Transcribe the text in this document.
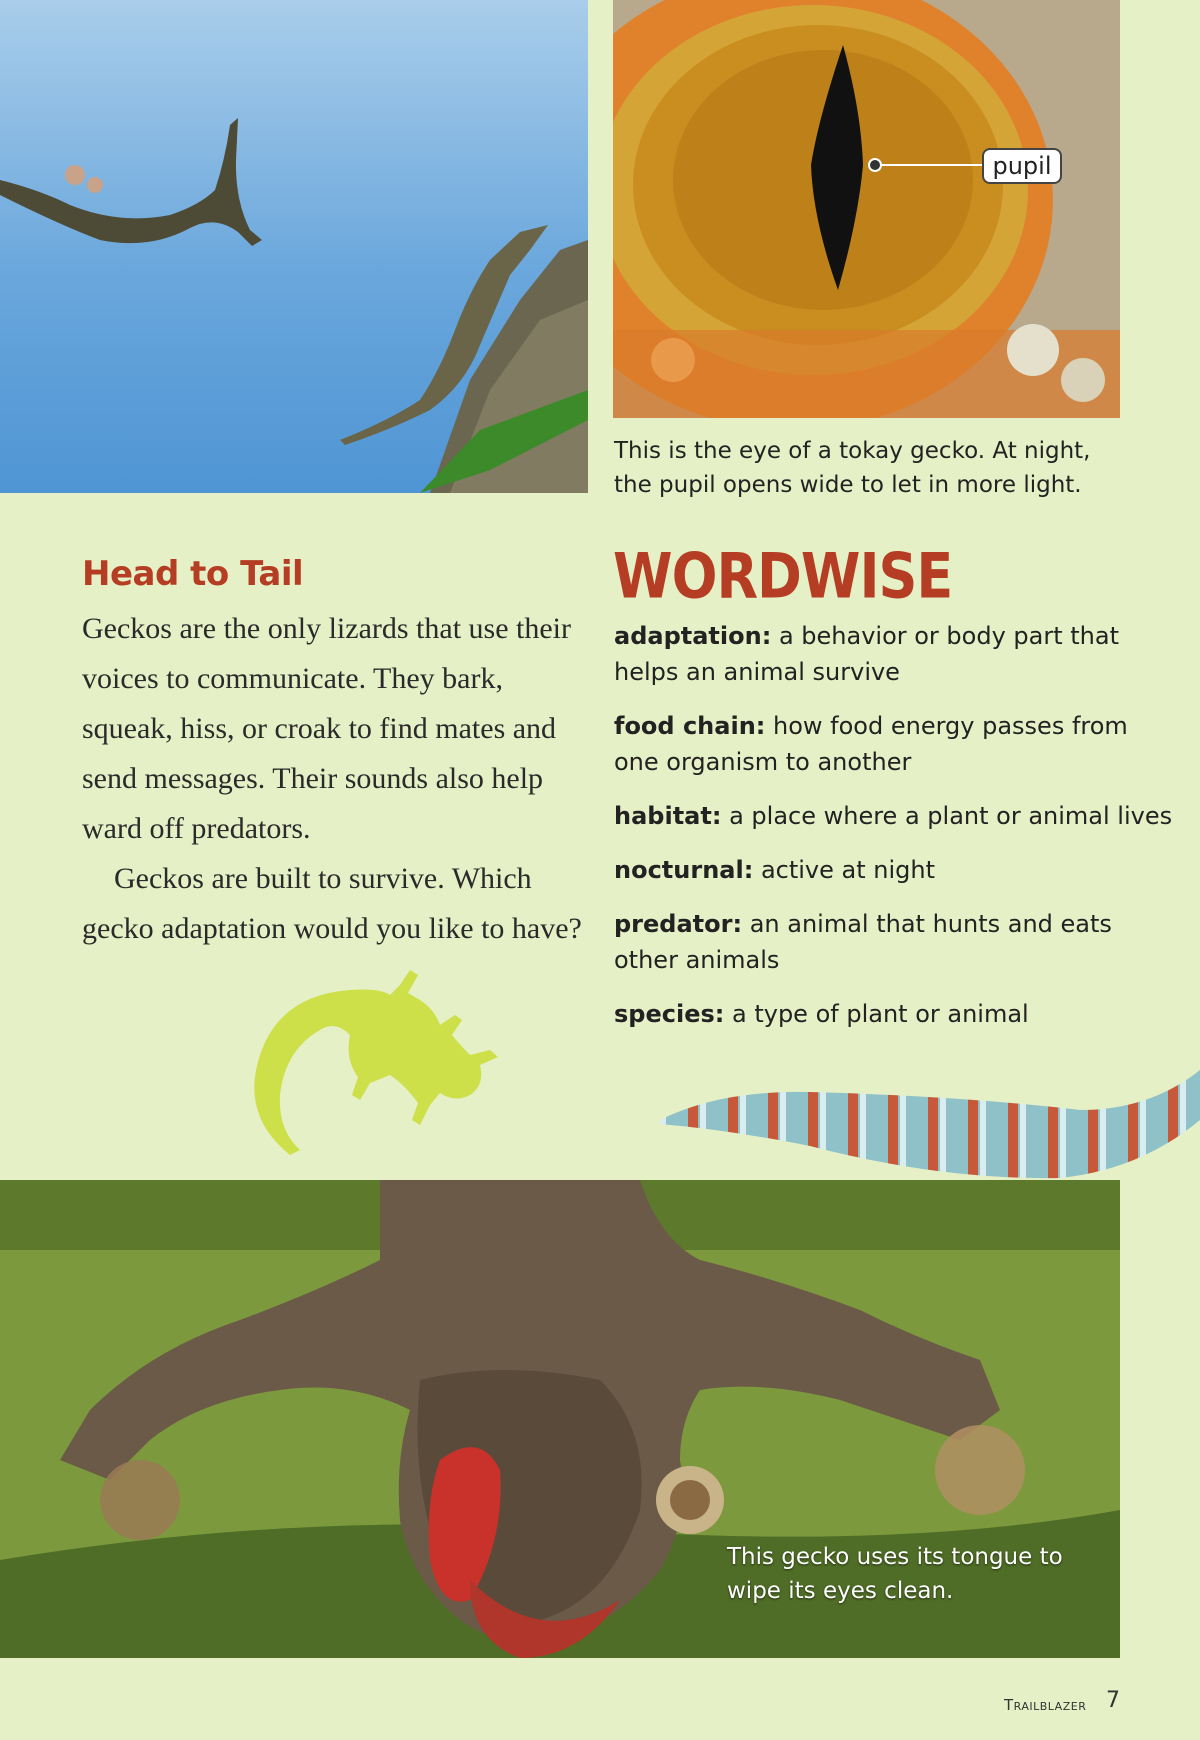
pupil
This is the eye of a tokay gecko. At night, the pupil opens wide to let in more light.
Head to Tail

Geckos are the only lizards that use their voices to communicate. They bark, squeak, hiss, or croak to find mates and send messages. Their sounds also help ward off predators.

Geckos are built to survive. Which gecko adaptation would you like to have?

WORDWISE
adaptation: a behavior or body part that helps an animal survive
food chain: how food energy passes from one organism to another
habitat: a place where a plant or animal lives
nocturnal: active at night
predator: an animal that hunts and eats other animals
species: a type of plant or animal
This gecko uses its tongue to wipe its eyes clean.
Trailblazer 7
